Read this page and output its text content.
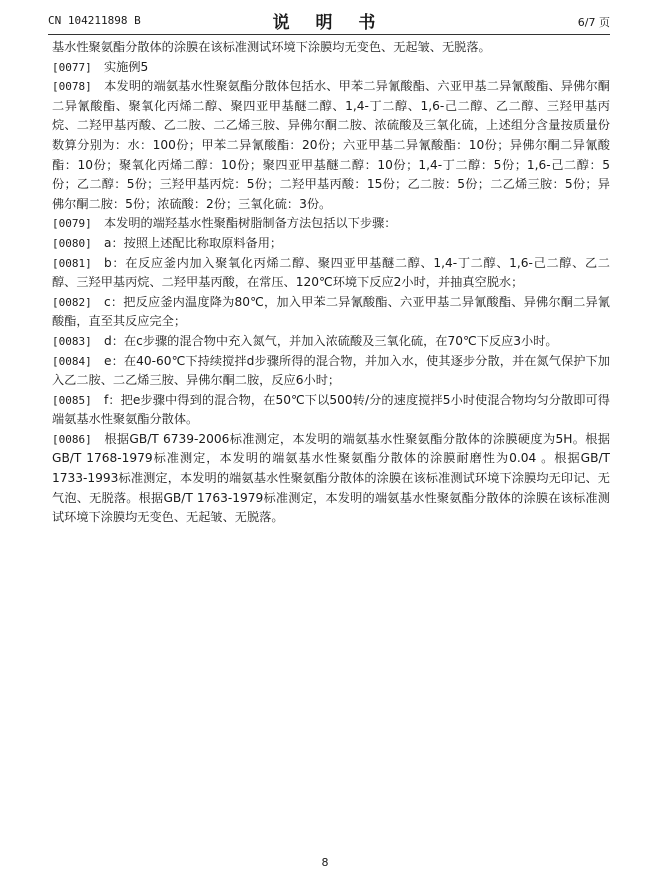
CN 104211898 B	说 明 书	6/7 页

基水性聚氨酯分散体的涂膜在该标准测试环境下涂膜均无变色、无起皱、无脱落。

[0077] 实施例5

[0078] 本发明的端氨基水性聚氨酯分散体包括水、甲苯二异氰酸酯、六亚甲基二异氰酸酯、异佛尔酮二异氰酸酯、聚氧化丙烯二醇、聚四亚甲基醚二醇、1,4-丁二醇、1,6-己二醇、乙二醇、三羟甲基丙烷、二羟甲基丙酸、乙二胺、二乙烯三胺、异佛尔酮二胺、浓硫酸及三氧化硫，上述组分含量按质量份数算分别为：水：100份；甲苯二异氰酸酯：20份；六亚甲基二异氰酸酯：10份；异佛尔酮二异氰酸酯：10份；聚氧化丙烯二醇：10份；聚四亚甲基醚二醇：10份；1,4-丁二醇：5份；1,6-己二醇：5份；乙二醇：5份；三羟甲基丙烷：5份；二羟甲基丙酸：15份；乙二胺：5份；二乙烯三胺：5份；异佛尔酮二胺：5份；浓硫酸：2份；三氧化硫：3份。

[0079] 本发明的端羟基水性聚酯树脂制备方法包括以下步骤：

[0080] a：按照上述配比称取原料备用；

[0081] b：在反应釜内加入聚氧化丙烯二醇、聚四亚甲基醚二醇、1,4-丁二醇、1,6-己二醇、乙二醇、三羟甲基丙烷、二羟甲基丙酸，在常压、120℃环境下反应2小时，并抽真空脱水；

[0082] c：把反应釜内温度降为80℃，加入甲苯二异氰酸酯、六亚甲基二异氰酸酯、异佛尔酮二异氰酸酯，直至其反应完全；

[0083] d：在c步骤的混合物中充入氮气，并加入浓硫酸及三氧化硫，在70℃下反应3小时。

[0084] e：在40-60℃下持续搅拌d步骤所得的混合物，并加入水，使其逐步分散，并在氮气保护下加入乙二胺、二乙烯三胺、异佛尔酮二胺，反应6小时；

[0085] f：把e步骤中得到的混合物，在50℃下以500转/分的速度搅拌5小时使混合物均匀分散即可得端氨基水性聚氨酯分散体。

[0086] 根据GB/T 6739-2006标准测定，本发明的端氨基水性聚氨酯分散体的涂膜硬度为5H。根据GB/T 1768-1979标准测定，本发明的端氨基水性聚氨酯分散体的涂膜耐磨性为0.04 。根据GB/T 1733-1993标准测定，本发明的端氨基水性聚氨酯分散体的涂膜在该标准测试环境下涂膜均无印记、无气泡、无脱落。根据GB/T 1763-1979标准测定，本发明的端氨基水性聚氨酯分散体的涂膜在该标准测试环境下涂膜均无变色、无起皱、无脱落。

8
